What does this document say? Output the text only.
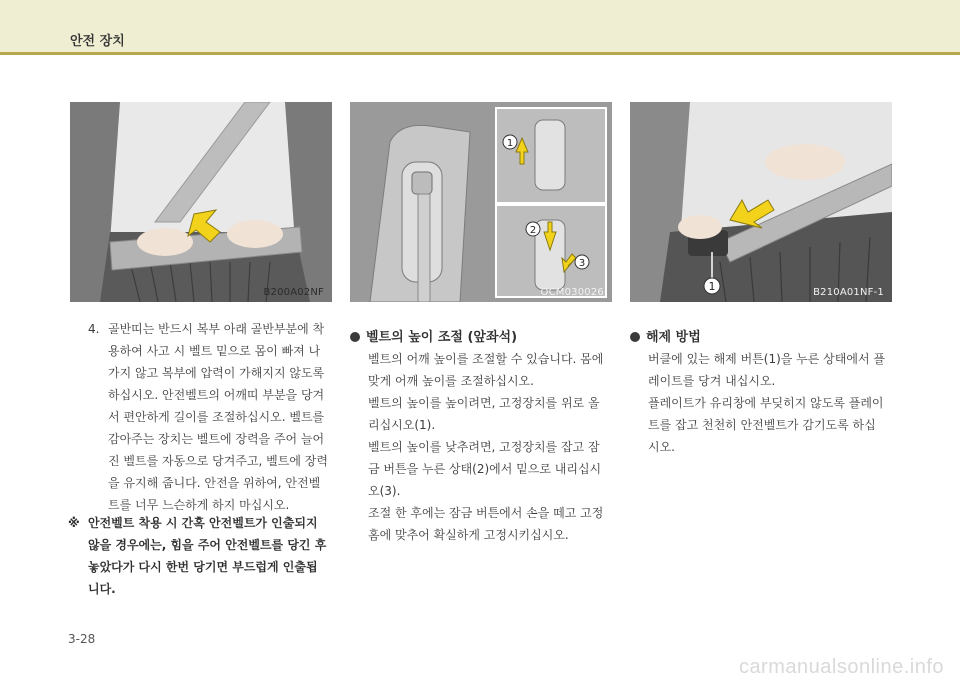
안전 장치
B200A02NF
1
2
3
OCM030026	1	B210A01NF-1
4. 골반띠는 반드시 복부 아래 골반부분에 착
용하여 사고 시 벨트 밑으로 몸이 빠져 나
가지 않고 복부에 압력이 가해지지 않도록
하십시오. 안전벨트의 어깨띠 부분을 당겨
서 편안하게 길이를 조절하십시오. 벨트를
감아주는 장치는 벨트에 장력을 주어 늘어
진 벨트를 자동으로 당겨주고, 벨트에 장력
을 유지해 줍니다. 안전을 위하여, 안전벨
트를 너무 느슨하게 하지 마십시오.
※ 안전벨트 착용 시 간혹 안전벨트가 인출되지
않을 경우에는, 힘을 주어 안전벨트를 당긴 후
놓았다가 다시 한번 당기면 부드럽게 인출됩
니다.
벨트의 높이 조절 (앞좌석)
벨트의 어깨 높이를 조절할 수 있습니다. 몸에
맞게 어깨 높이를 조절하십시오.
벨트의 높이를 높이려면, 고정장치를 위로 올
리십시오(1).
벨트의 높이를 낮추려면, 고정장치를 잡고 잠
금 버튼을 누른 상태(2)에서 밑으로 내리십시
오(3).
조절 한 후에는 잠금 버튼에서 손을 떼고 고정
홈에 맞추어 확실하게 고정시키십시오.
해제 방법
버클에 있는 해제 버튼(1)을 누른 상태에서 플
레이트를 당겨 내십시오.
플레이트가 유리창에 부딪히지 않도록 플레이
트를 잡고 천천히 안전벨트가 감기도록 하십
시오.
3-28
carmanualsonline.info
